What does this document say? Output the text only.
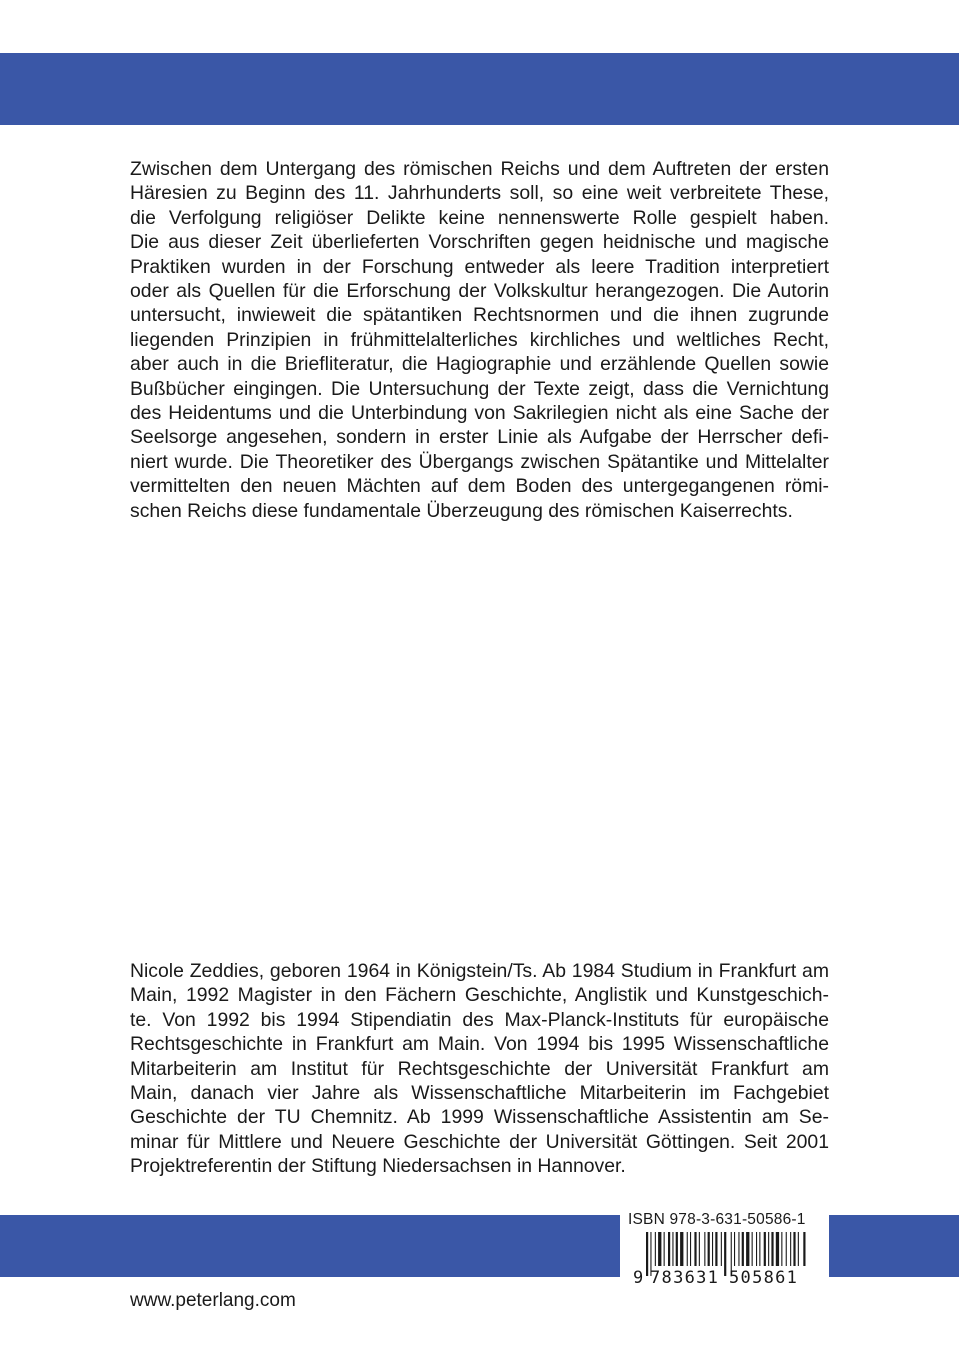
Zwischen dem Untergang des römischen Reichs und dem Auftreten der ersten
Häresien zu Beginn des 11. Jahrhunderts soll, so eine weit verbreitete These,
die Verfolgung religiöser Delikte keine nennenswerte Rolle gespielt haben.
Die aus dieser Zeit überlieferten Vorschriften gegen heidnische und magische
Praktiken wurden in der Forschung entweder als leere Tradition interpretiert
oder als Quellen für die Erforschung der Volkskultur herangezogen. Die Autorin
untersucht, inwieweit die spätantiken Rechtsnormen und die ihnen zugrunde
liegenden Prinzipien in frühmittelalterliches kirchliches und weltliches Recht,
aber auch in die Briefliteratur, die Hagiographie und erzählende Quellen sowie
Bußbücher eingingen. Die Untersuchung der Texte zeigt, dass die Vernichtung
des Heidentums und die Unterbindung von Sakrilegien nicht als eine Sache der
Seelsorge angesehen, sondern in erster Linie als Aufgabe der Herrscher defi-
niert wurde. Die Theoretiker des Übergangs zwischen Spätantike und Mittelalter
vermittelten den neuen Mächten auf dem Boden des untergegangenen römi-
schen Reichs diese fundamentale Überzeugung des römischen Kaiserrechts.
Nicole Zeddies, geboren 1964 in Königstein/Ts. Ab 1984 Studium in Frankfurt am
Main, 1992 Magister in den Fächern Geschichte, Anglistik und Kunstgeschich-
te. Von 1992 bis 1994 Stipendiatin des Max-Planck-Instituts für europäische
Rechtsgeschichte in Frankfurt am Main. Von 1994 bis 1995 Wissenschaftliche
Mitarbeiterin am Institut für Rechtsgeschichte der Universität Frankfurt am
Main, danach vier Jahre als Wissenschaftliche Mitarbeiterin im Fachgebiet
Geschichte der TU Chemnitz. Ab 1999 Wissenschaftliche Assistentin am Se-
minar für Mittlere und Neuere Geschichte der Universität Göttingen. Seit 2001
Projektreferentin der Stiftung Niedersachsen in Hannover.
ISBN 978-3-631-50586-1
9 783631 505861
www.peterlang.com
